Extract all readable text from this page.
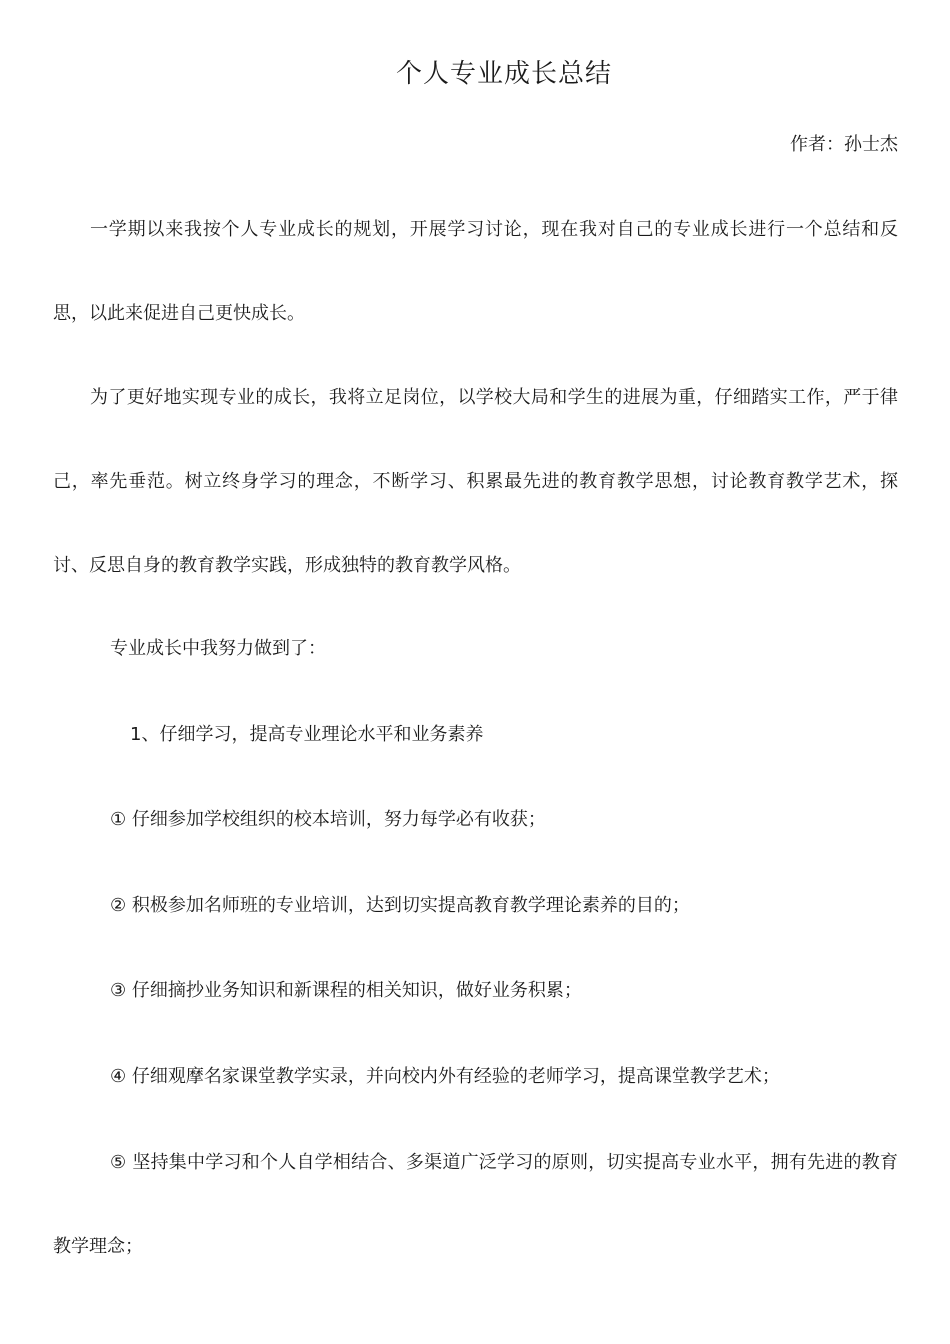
个人专业成长总结
作者：孙士杰

一学期以来我按个人专业成长的规划，开展学习讨论，现在我对自己的专业成长进行一个总结和反思，以此来促进自己更快成长。

为了更好地实现专业的成长，我将立足岗位，以学校大局和学生的进展为重，仔细踏实工作，严于律己，率先垂范。树立终身学习的理念，不断学习、积累最先进的教育教学思想，讨论教育教学艺术，探讨、反思自身的教育教学实践，形成独特的教育教学风格。

专业成长中我努力做到了：

1、仔细学习，提高专业理论水平和业务素养

① 仔细参加学校组织的校本培训，努力每学必有收获；

② 积极参加名师班的专业培训，达到切实提高教育教学理论素养的目的；

③ 仔细摘抄业务知识和新课程的相关知识，做好业务积累；

④ 仔细观摩名家课堂教学实录，并向校内外有经验的老师学习，提高课堂教学艺术；

⑤ 坚持集中学习和个人自学相结合、多渠道广泛学习的原则，切实提高专业水平，拥有先进的教育教学理念；
